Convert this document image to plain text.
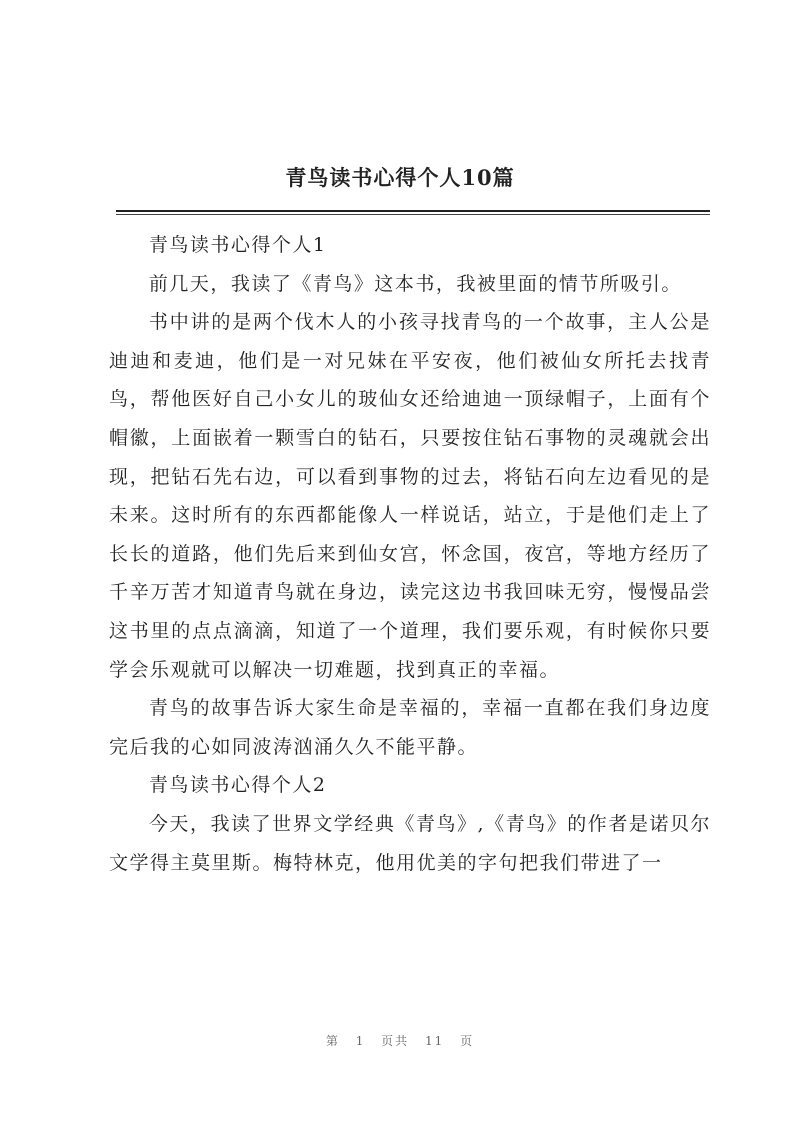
青鸟读书心得个人10篇

青鸟读书心得个人1

前几天，我读了《青鸟》这本书，我被里面的情节所吸引。

书中讲的是两个伐木人的小孩寻找青鸟的一个故事，主人公是迪迪和麦迪，他们是一对兄妹在平安夜，他们被仙女所托去找青鸟，帮他医好自己小女儿的玻仙女还给迪迪一顶绿帽子，上面有个帽徽，上面嵌着一颗雪白的钻石，只要按住钻石事物的灵魂就会出现，把钻石先右边，可以看到事物的过去，将钻石向左边看见的是未来。这时所有的东西都能像人一样说话，站立，于是他们走上了长长的道路，他们先后来到仙女宫，怀念国，夜宫，等地方经历了千辛万苦才知道青鸟就在身边，读完这边书我回味无穷，慢慢品尝这书里的点点滴滴，知道了一个道理，我们要乐观，有时候你只要学会乐观就可以解决一切难题，找到真正的幸福。

青鸟的故事告诉大家生命是幸福的，幸福一直都在我们身边度完后我的心如同波涛汹涌久久不能平静。

青鸟读书心得个人2

今天，我读了世界文学经典《青鸟》,《青鸟》的作者是诺贝尔文学得主莫里斯。梅特林克，他用优美的字句把我们带进了一

第 1 页共 11 页
